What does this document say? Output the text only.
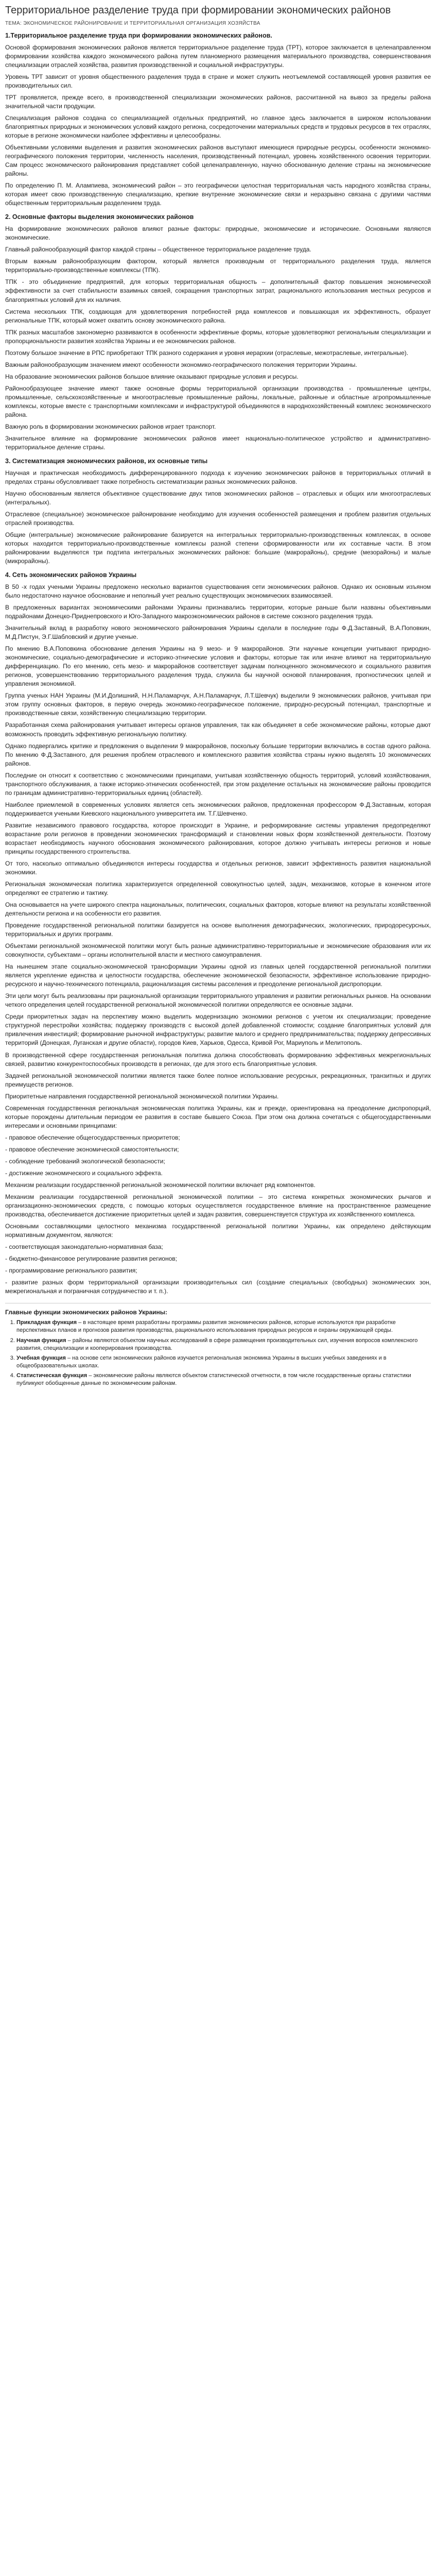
Территориальное разделение труда при формировании экономических районов
ТЕМА: ЭКОНОМИЧЕСКОЕ РАЙОНИРОВАНИЕ И ТЕРРИТОРИАЛЬНАЯ ОРГАНИЗАЦИЯ ХОЗЯЙСТВА
1.Территориальное разделение труда при формировании экономических районов.

Основой формирования экономических районов является территориальное разделение труда (ТРТ), которое заключается в целенаправленном формировании хозяйства каждого экономического района путем планомерного размещения материального производства, совершенствования специализации отраслей хозяйства, развития производственной и социальной инфраструктуры.

Уровень ТРТ зависит от уровня общественного разделения труда в стране и может служить неотъемлемой составляющей уровня развития ее производительных сил.

ТРТ проявляется, прежде всего, в производственной специализации экономических районов, рассчитанной на вывоз за пределы района значительной части продукции.

Специализация районов создана со специализацией отдельных предприятий, но главное здесь заключается в широком использовании благоприятных природных и экономических условий каждого региона, сосредоточении материальных средств и трудовых ресурсов в тех отраслях, которые в регионе экономически наиболее эффективны и целесообразны.

Объективными условиями выделения и развития экономических районов выступают имеющиеся природные ресурсы, особенности экономико-географического положения территории, численность населения, производственный потенциал, уровень хозяйственного освоения территории. Сам процесс экономического районирования представляет собой целенаправленную, научно обоснованную деление страны на экономические районы.

По определению П. М. Алампиева, экономический район – это географически целостная территориальная часть народного хозяйства страны, которая имеет свою производственную специализацию, крепкие внутренние экономические связи и неразрывно связана с другими частями общественным территориальным разделением труда.

2. Основные факторы выделения экономических районов

На формирование экономических районов влияют разные факторы: природные, экономические и исторические. Основными являются экономические.

Главный районообразующий фактор каждой страны – общественное территориальное разделение труда.

Вторым важным районообразующим фактором, который является производным от территориального разделения труда, является территориально-производственные комплексы (ТПК).

ТПК - это объединение предприятий, для которых территориальная общность – дополнительный фактор повышения экономической эффективности за счет стабильности взаимных связей, сокращения транспортных затрат, рационального использования местных ресурсов и благоприятных условий для их наличия.

Система нескольких ТПК, создающая для удовлетворения потребностей ряда комплексов и повышающая их эффективность, образует региональные ТПК, который может охватить основу экономического района.

ТПК разных масштабов закономерно развиваются в особенности эффективные формы, которые удовлетворяют региональным специализации и пропорциональности развития хозяйства Украины и ее экономических районов.

Поэтому большое значение в РПС приобретают ТПК разного содержания и уровня иерархии (отраслевые, межотраслевые, интегральные).

Важным районообразующим значением имеют особенности экономико-географического положения территории Украины.

На образование экономических районов большое влияние оказывают природные условия и ресурсы.

Районообразующее значение имеют также основные формы территориальной организации производства - промышленные центры, промышленные, сельскохозяйственные и многоотраслевые промышленные районы, локальные, районные и областные агропромышленные комплексы, которые вместе с транспортными комплексами и инфраструктурой объединяются в народнохозяйственный комплекс экономического района.

Важную роль в формировании экономических районов играет транспорт.

Значительное влияние на формирование экономических районов имеет национально-политическое устройство и административно-территориальное деление страны.

3. Систематизация экономических районов, их основные типы

Научная и практическая необходимость дифференцированного подхода к изучению экономических районов в территориальных отличий в пределах страны обусловливает также потребность систематизации разных экономических районов.

Научно обоснованным является объективное существование двух типов экономических районов – отраслевых и общих или многоотраслевых (интегральных).

Отраслевое (специальное) экономическое районирование необходимо для изучения особенностей размещения и проблем развития отдельных отраслей производства.

Общие (интегральные) экономические районирование базируется на интегральных территориально-производственных комплексах, в основе которых находится территориально-производственные комплексы разной степени сформированности или их составные части. В этом районировании выделяются три подтипа интегральных экономических районов: большие (макрорайоны), средние (мезорайоны) и малые (микрорайоны).

4. Сеть экономических районов Украины

В 50 -х годах учеными Украины предложено несколько вариантов существования сети экономических районов. Однако их основным изъяном было недостаточно научное обоснование и неполный учет реально существующих экономических взаимосвязей.

В предложенных вариантах экономическими районами Украины признавались территории, которые раньше были названы объективными подрайонами Донецко-Приднепровского и Юго-Западного макроэкономических районов в системе союзного разделения труда.

Значительный вклад в разработку нового экономического районирования Украины сделали в последние годы Ф.Д.Заставный, В.А.Поповкин, М.Д.Пистун, Э.Г.Шабловский и другие ученые.

По мнению В.А.Поповкина обоснование деления Украины на 9 мезо- и 9 макрорайонов. Эти научные концепции учитывают природно-экономические, социально-демографические и историко-этнические условия и факторы, которые так или иначе влияют на территориальную дифференциацию. По его мнению, сеть мезо- и макрорайонов соответствует задачам полноценного экономического и социального развития регионов, усовершенствованию территориального разделения труда, служила бы научной основой планирования, прогностических целей и управления экономикой.

Группа ученых НАН Украины (М.И.Долишний, Н.Н.Паламарчук, А.Н.Паламарчук, Л.Т.Шевчук) выделили 9 экономических районов, учитывая при этом группу основных факторов, в первую очередь экономико-географическое положение, природно-ресурсный потенциал, транспортные и производственные связи, хозяйственную специализацию территории.

Разработанная схема районирования учитывает интересы органов управления, так как объединяет в себе экономические районы, которые дают возможность проводить эффективную региональную политику.

Однако подвергались критике и предложения о выделении 9 макрорайонов, поскольку большие территории включались в состав одного района. По мнению Ф.Д.Заставного, для решения проблем отраслевого и комплексного развития хозяйства страны нужно выделять 10 экономических районов.

Последние он относит к соответствию с экономическими принципами, учитывая хозяйственную общность территорий, условий хозяйствования, транспортного обслуживания, а также историко-этнических особенностей, при этом разделение остальных на экономические районы проводится по границам административно-территориальных единиц (областей).

Наиболее приемлемой в современных условиях является сеть экономических районов, предложенная профессором Ф.Д.Заставным, которая поддерживается учеными Киевского национального университета им. Т.Г.Шевченко.

Развитие независимого правового государства, которое происходит в Украине, и реформирование системы управления предопределяют возрастание роли регионов в проведении экономических трансформаций и становлении новых форм хозяйственной деятельности. Поэтому возрастает необходимость научного обоснования экономического районирования, которое должно учитывать интересы регионов и новые принципы государственного строительства.

От того, насколько оптимально объединяются интересы государства и отдельных регионов, зависит эффективность развития национальной экономики.

Региональная экономическая политика характеризуется определенной совокупностью целей, задач, механизмов, которые в конечном итоге определяют ее стратегию и тактику.

Она основывается на учете широкого спектра национальных, политических, социальных факторов, которые влияют на результаты хозяйственной деятельности региона и на особенности его развития.

Проведение государственной региональной политики базируется на основе выполнения демографических, экологических, природоресурсных, территориальных и других программ.

Объектами региональной экономической политики могут быть разные административно-территориальные и экономические образования или их совокупности, субъектами – органы исполнительной власти и местного самоуправления.

На нынешнем этапе социально-экономической трансформации Украины одной из главных целей государственной региональной политики является укрепление единства и целостности государства, обеспечение экономической безопасности, эффективное использование природно-ресурсного и научно-технического потенциала, рационализация системы расселения и преодоление региональной диспропорции.

Эти цели могут быть реализованы при рациональной организации территориального управления и развитии региональных рынков. На основании четкого определения целей государственной региональной экономической политики определяются ее основные задачи.

Среди приоритетных задач на перспективу можно выделить модернизацию экономики регионов с учетом их специализации; проведение структурной перестройки хозяйства; поддержку производств с высокой долей добавленной стоимости; создание благоприятных условий для привлечения инвестиций; формирование рыночной инфраструктуры; развитие малого и среднего предпринимательства; поддержку депрессивных территорий (Донецкая, Луганская и другие области), городов Киев, Харьков, Одесса, Кривой Рог, Мариуполь и Мелитополь.

В производственной сфере государственная региональная политика должна способствовать формированию эффективных межрегиональных связей, развитию конкурентоспособных производств в регионах, где для этого есть благоприятные условия.

Задачей региональной экономической политики является также более полное использование ресурсных, рекреационных, транзитных и других преимуществ регионов.

Приоритетные направления государственной региональной экономической политики Украины.

Современная государственная региональная экономическая политика Украины, как и прежде, ориентирована на преодоление диспропорций, которые порождены длительным периодом ее развития в составе бывшего Союза. При этом она должна сочетаться с общегосударственными интересами и основными принципами:

- правовое обеспечение общегосударственных приоритетов;

- правовое обеспечение экономической самостоятельности;

- соблюдение требований экологической безопасности;

- достижение экономического и социального эффекта.

Механизм реализации государственной региональной экономической политики включает ряд компонентов.

Механизм реализации государственной региональной экономической политики – это система конкретных экономических рычагов и организационно-экономических средств, с помощью которых осуществляется государственное влияние на пространственное размещение производства, обеспечивается достижение приоритетных целей и задач развития, совершенствуется структура их хозяйственного комплекса.

Основными составляющими целостного механизма государственной региональной политики Украины, как определено действующим нормативным документом, являются:

- соответствующая законодательно-нормативная база;

- бюджетно-финансовое регулирование развития регионов;

- программирование регионального развития;

- развитие разных форм территориальной организации производительных сил (создание специальных (свободных) экономических зон, межрегиональная и пограничная сотрудничество и т. п.).

Главные функции экономических районов Украины:
1. Прикладная функция – в настоящее время разработаны программы развития экономических районов, которые используются при разработке перспективных планов и прогнозов развития производства, рационального использования природных ресурсов и охраны окружающей среды.
2. Научная функция – районы являются объектом научных исследований в сфере размещения производительных сил, изучения вопросов комплексного развития, специализации и кооперирования производства.
3. Учебная функция – на основе сети экономических районов изучается региональная экономика Украины в высших учебных заведениях и в общеобразовательных школах.
4. Статистическая функция – экономические районы являются объектом статистической отчетности, в том числе государственные органы статистики публикуют обобщенные данные по экономическим районам.
